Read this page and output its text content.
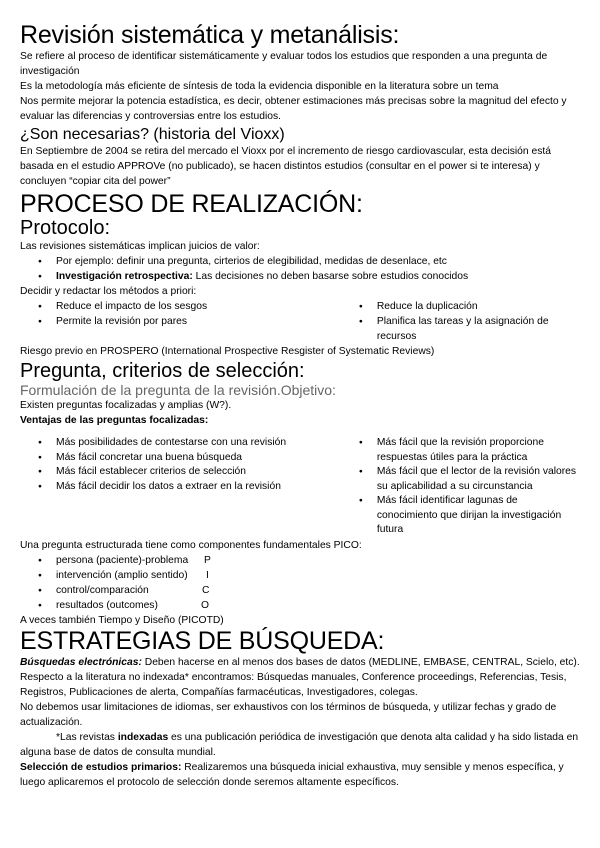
Revisión sistemática y metanálisis:

Se refiere al proceso de identificar sistemáticamente y evaluar todos los estudios que responden a una pregunta de investigación

Es la metodología más eficiente de síntesis de toda la evidencia disponible en la literatura sobre un tema

Nos permite mejorar la potencia estadística, es decir, obtener estimaciones más precisas sobre la magnitud del efecto y evaluar las diferencias y controversias entre los estudios.

¿Son necesarias? (historia del Vioxx)

En Septiembre de 2004 se retira del mercado el Vioxx por el incremento de riesgo cardiovascular, esta decisión está basada en el estudio APPROVe (no publicado), se hacen distintos estudios (consultar en el power si te interesa) y concluyen “copiar cita del power”

PROCESO DE REALIZACIÓN:
Protocolo:

Las revisiones sistemáticas implican juicios de valor:

● Por ejemplo: definir una pregunta, cirterios de elegibilidad, medidas de desenlace, etc
● Investigación retrospectiva: Las decisiones no deben basarse sobre estudios conocidos

Decidir y redactar los métodos a priori:

● Reduce el impacto de los sesgos
● Permite la revisión por pares
● Reduce la duplicación
● Planifica las tareas y la asignación de recursos

Riesgo previo en PROSPERO (International Prospective Resgister of Systematic Reviews)

Pregunta, criterios de selección:

Formulación de la pregunta de la revisión.Objetivo:

Existen preguntas focalizadas y amplias (W?).

Ventajas de las preguntas focalizadas:

● Más posibilidades de contestarse con una revisión
● Más fácil concretar una buena búsqueda
● Más fácil establecer criterios de selección
● Más fácil decidir los datos a extraer en la revisión
● Más fácil que la revisión proporcione respuestas útiles para la práctica
● Más fácil que el lector de la revisión valores su aplicabilidad a su circunstancia
● Más fácil identificar lagunas de conocimiento que dirijan la investigación futura

Una pregunta estructurada tiene como componentes fundamentales PICO:

● persona (paciente)-problema	P
● intervención (amplio sentido)	I
● control/comparación	C
● resultados (outcomes)	O

A veces también Tiempo y Diseño (PICOTD)

ESTRATEGIAS DE BÚSQUEDA:

Búsquedas electrónicas: Deben hacerse en al menos dos bases de datos (MEDLINE, EMBASE, CENTRAL, Scielo, etc).

Respecto a la literatura no indexada* encontramos: Búsquedas manuales, Conference proceedings, Referencias, Tesis, Registros, Publicaciones de alerta, Compañías farmacéuticas, Investigadores, colegas.

No debemos usar limitaciones de idiomas, ser exhaustivos con los términos de búsqueda, y utilizar fechas y grado de actualización.

*Las revistas indexadas es una publicación periódica de investigación que denota alta calidad y ha sido listada en alguna base de datos de consulta mundial.

Selección de estudios primarios: Realizaremos una búsqueda inicial exhaustiva, muy sensible y menos específica, y luego aplicaremos el protocolo de selección donde seremos altamente específicos.
